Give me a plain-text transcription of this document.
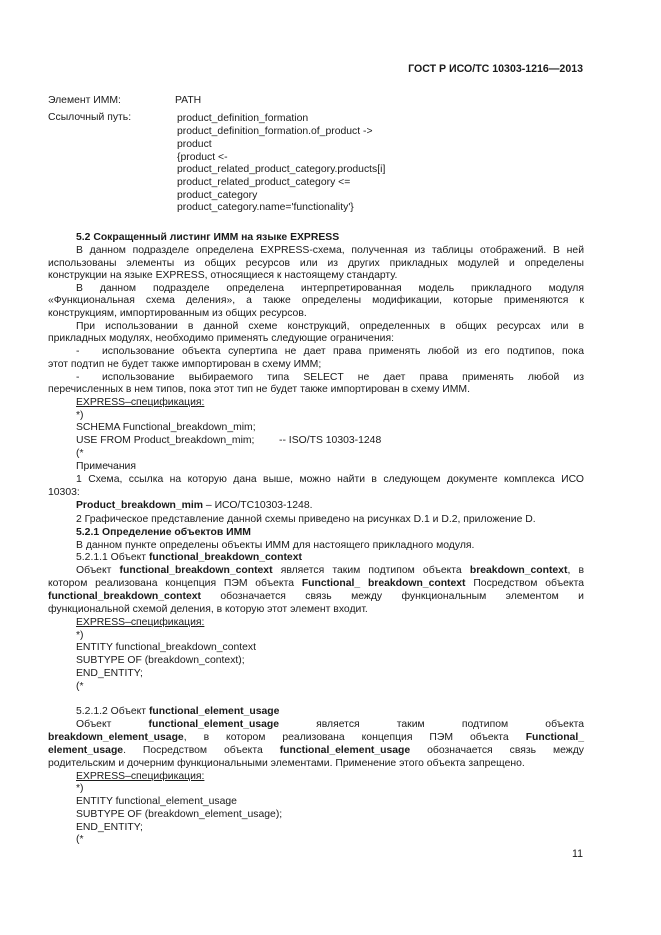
ГОСТ Р ИСО/ТС 10303-1216—2013
Элемент ИММ:	PATH
Ссылочный путь:	product_definition_formation
product_definition_formation.of_product ->
product
{product <-
product_related_product_category.products[i]
product_related_product_category <=
product_category
product_category.name='functionality'}
5.2 Сокращенный листинг ИММ на языке EXPRESS
В данном подразделе определена EXPRESS-схема, полученная из таблицы отображений. В ней
использованы элементы из общих ресурсов или из других прикладных модулей и определены
конструкции на языке EXPRESS, относящиеся к настоящему стандарту.
В данном подразделе определена интерпретированная модель прикладного модуля
«Функциональная схема деления», а также определены модификации, которые применяются к
конструкциям, импортированным из общих ресурсов.
При использовании в данной схеме конструкций, определенных в общих ресурсах или в
прикладных модулях, необходимо применять следующие ограничения:
-	использование объекта супертипа не дает права применять любой из его подтипов, пока
этот подтип не будет также импортирован в схему ИММ;
-	использование выбираемого типа SELECT не дает права применять любой из
перечисленных в нем типов, пока этот тип не будет также импортирован в схему ИММ.
EXPRESS–спецификация:
*)
SCHEMA Functional_breakdown_mim;
USE FROM Product_breakdown_mim;	-- ISO/TS 10303-1248
(*
Примечания
1 Схема, ссылка на которую дана выше, можно найти в следующем документе комплекса ИСО
10303:
Product_breakdown_mim – ИСО/ТС10303-1248.
2 Графическое представление данной схемы приведено на рисунках D.1 и D.2, приложение D.
5.2.1 Определение объектов ИММ
В данном пункте определены объекты ИММ для настоящего прикладного модуля.
5.2.1.1 Объект functional_breakdown_context
Объект functional_breakdown_context является таким подтипом объекта breakdown_context, в
котором реализована концепция ПЭМ объекта Functional_ breakdown_context Посредством объекта
functional_breakdown_context обозначается связь между функциональным элементом и
функциональной схемой деления, в которую этот элемент входит.
EXPRESS–спецификация:
*)
ENTITY functional_breakdown_context
SUBTYPE OF (breakdown_context);
END_ENTITY;
(*
5.2.1.2 Объект functional_element_usage
Объект	functional_element_usage	является	таким	подтипом	объекта
breakdown_element_usage, в котором реализована концепция ПЭМ объекта Functional_
element_usage. Посредством объекта functional_element_usage обозначается связь между
родительским и дочерним функциональными элементами. Применение этого объекта запрещено.
EXPRESS–спецификация:
*)
ENTITY functional_element_usage
SUBTYPE OF (breakdown_element_usage);
END_ENTITY;
(*
11
